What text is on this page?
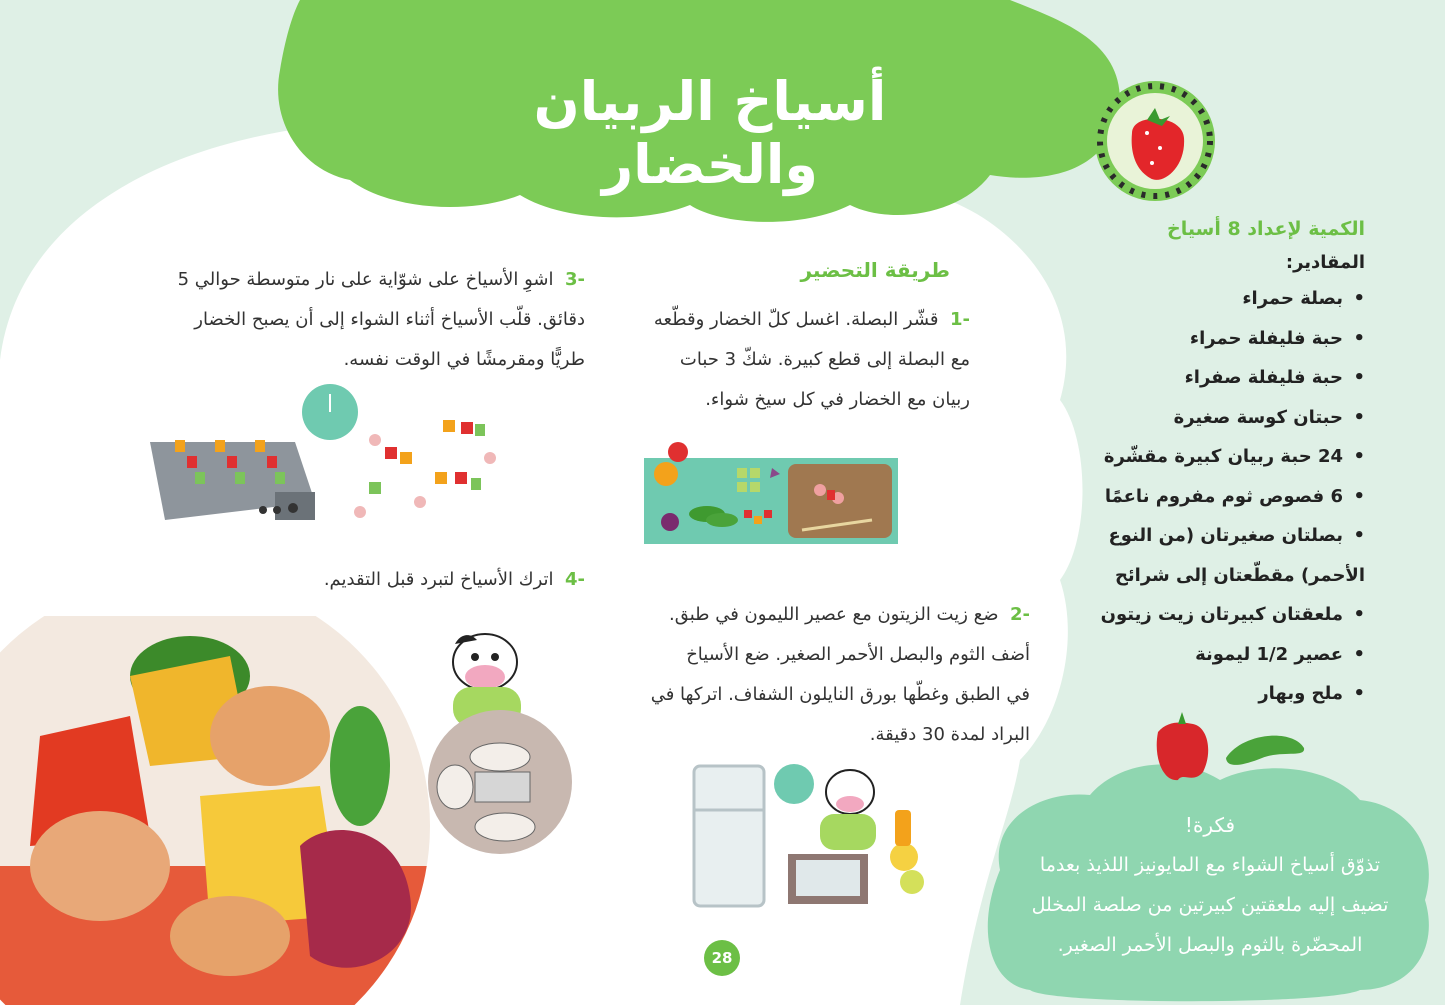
أسياخ الربيان والخضار
الكمية لإعداد 8 أسياخ
المقادير:
• بصلة حمراء
• حبة فليفلة حمراء
• حبة فليفلة صفراء
• حبتان كوسة صغيرة
• 24 حبة ربيان كبيرة مقشّرة
• 6 فصوص ثوم مفروم ناعمًا
• بصلتان صغيرتان (من النوع
الأحمر) مقطّعتان إلى شرائح
• ملعقتان كبيرتان زيت زيتون
• عصير 1/2 ليمونة
• ملح وبهار
طريقة التحضير
-1  قشّر البصلة. اغسل كلّ الخضار وقطّعه
مع البصلة إلى قطع كبيرة. شكّ 3 حبات
ربيان مع الخضار في كل سيخ شواء.
-2  ضع زيت الزيتون مع عصير الليمون في طبق.
أضف الثوم والبصل الأحمر الصغير. ضع الأسياخ
في الطبق وغطّها بورق النايلون الشفاف. اتركها في
البراد لمدة 30 دقيقة.
-3  اشوِ الأسياخ على شوّاية على نار متوسطة حوالي 5
دقائق. قلّب الأسياخ أثناء الشواء إلى أن يصبح الخضار
طريًّا ومقرمشًا في الوقت نفسه.
-4  اترك الأسياخ لتبرد قبل التقديم.
فكرة!
تذوّق أسياخ الشواء مع المايونيز اللذيذ بعدما
تضيف إليه ملعقتين كبيرتين من صلصة المخلل
المحضّرة بالثوم والبصل الأحمر الصغير.
28
